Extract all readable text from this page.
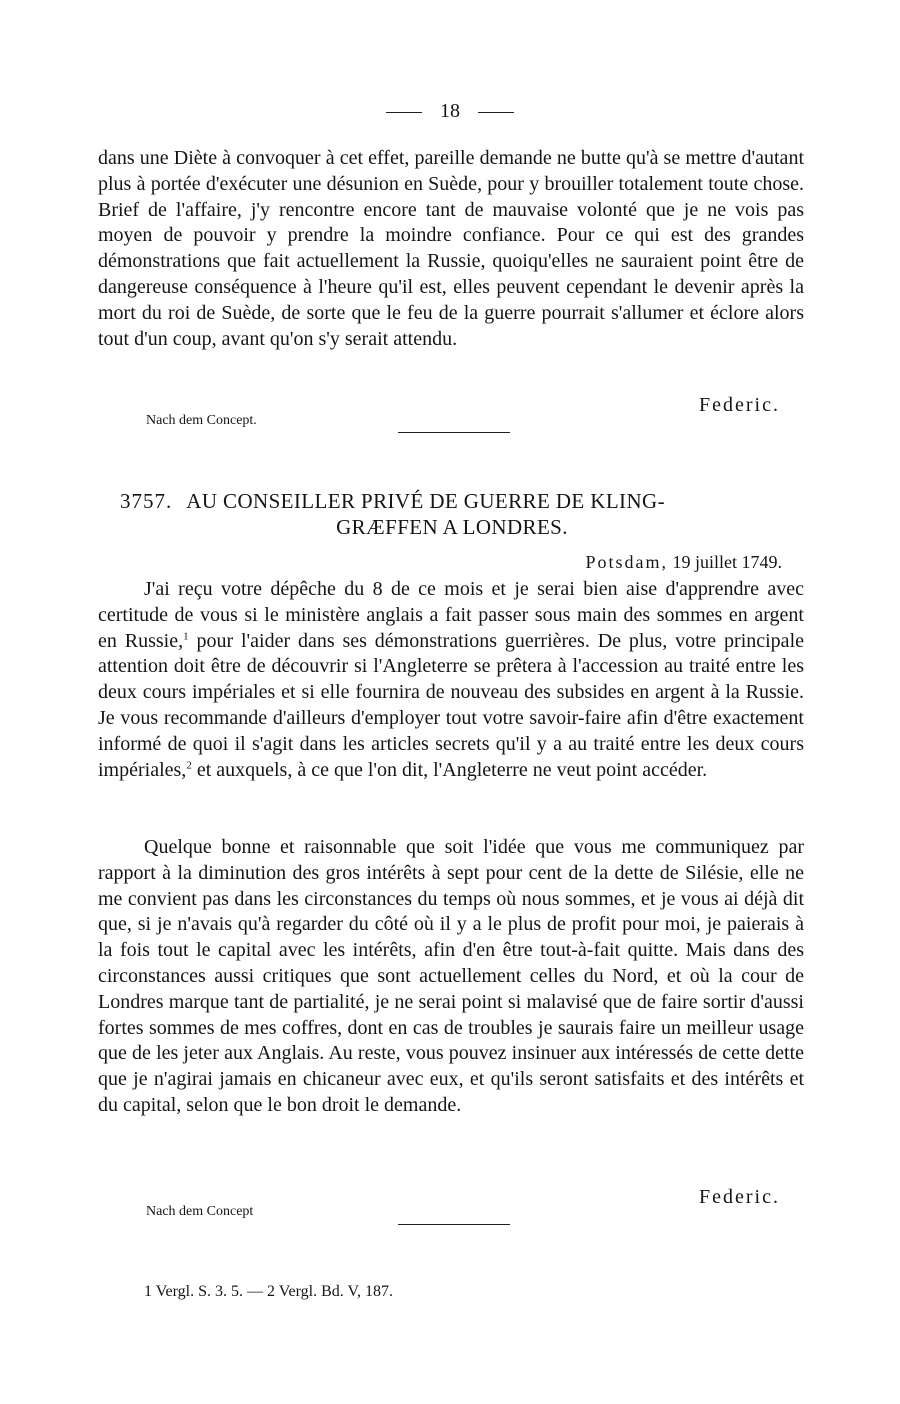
18

dans une Diète à convoquer à cet effet, pareille demande ne butte qu'à se mettre d'autant plus à portée d'exécuter une désunion en Suède, pour y brouiller totalement toute chose. Brief de l'affaire, j'y rencontre encore tant de mauvaise volonté que je ne vois pas moyen de pouvoir y prendre la moindre confiance. Pour ce qui est des grandes démonstrations que fait actuellement la Russie, quoiqu'elles ne sauraient point être de dangereuse conséquence à l'heure qu'il est, elles peuvent cependant le devenir après la mort du roi de Suède, de sorte que le feu de la guerre pourrait s'allumer et éclore alors tout d'un coup, avant qu'on s'y serait attendu.

Federic.
Nach dem Concept.
3757. AU CONSEILLER PRIVÉ DE GUERRE DE KLING-
GRÆFFEN A LONDRES.
Potsdam, 19 juillet 1749.

J'ai reçu votre dépêche du 8 de ce mois et je serai bien aise d'apprendre avec certitude de vous si le ministère anglais a fait passer sous main des sommes en argent en Russie,$^1$ pour l'aider dans ses démonstrations guerrières. De plus, votre principale attention doit être de découvrir si l'Angleterre se prêtera à l'accession au traité entre les deux cours impériales et si elle fournira de nouveau des subsides en argent à la Russie. Je vous recommande d'ailleurs d'employer tout votre savoir-faire afin d'être exactement informé de quoi il s'agit dans les articles secrets qu'il y a au traité entre les deux cours impériales,$^2$ et auxquels, à ce que l'on dit, l'Angleterre ne veut point accéder.

Quelque bonne et raisonnable que soit l'idée que vous me communiquez par rapport à la diminution des gros intérêts à sept pour cent de la dette de Silésie, elle ne me convient pas dans les circonstances du temps où nous sommes, et je vous ai déjà dit que, si je n'avais qu'à regarder du côté où il y a le plus de profit pour moi, je paierais à la fois tout le capital avec les intérêts, afin d'en être tout-à-fait quitte. Mais dans des circonstances aussi critiques que sont actuellement celles du Nord, et où la cour de Londres marque tant de partialité, je ne serai point si malavisé que de faire sortir d'aussi fortes sommes de mes coffres, dont en cas de troubles je saurais faire un meilleur usage que de les jeter aux Anglais. Au reste, vous pouvez insinuer aux intéressés de cette dette que je n'agirai jamais en chicaneur avec eux, et qu'ils seront satisfaits et des intérêts et du capital, selon que le bon droit le demande.

Federic.
Nach dem Concept
1 Vergl. S. 3. 5. — 2 Vergl. Bd. V, 187.
